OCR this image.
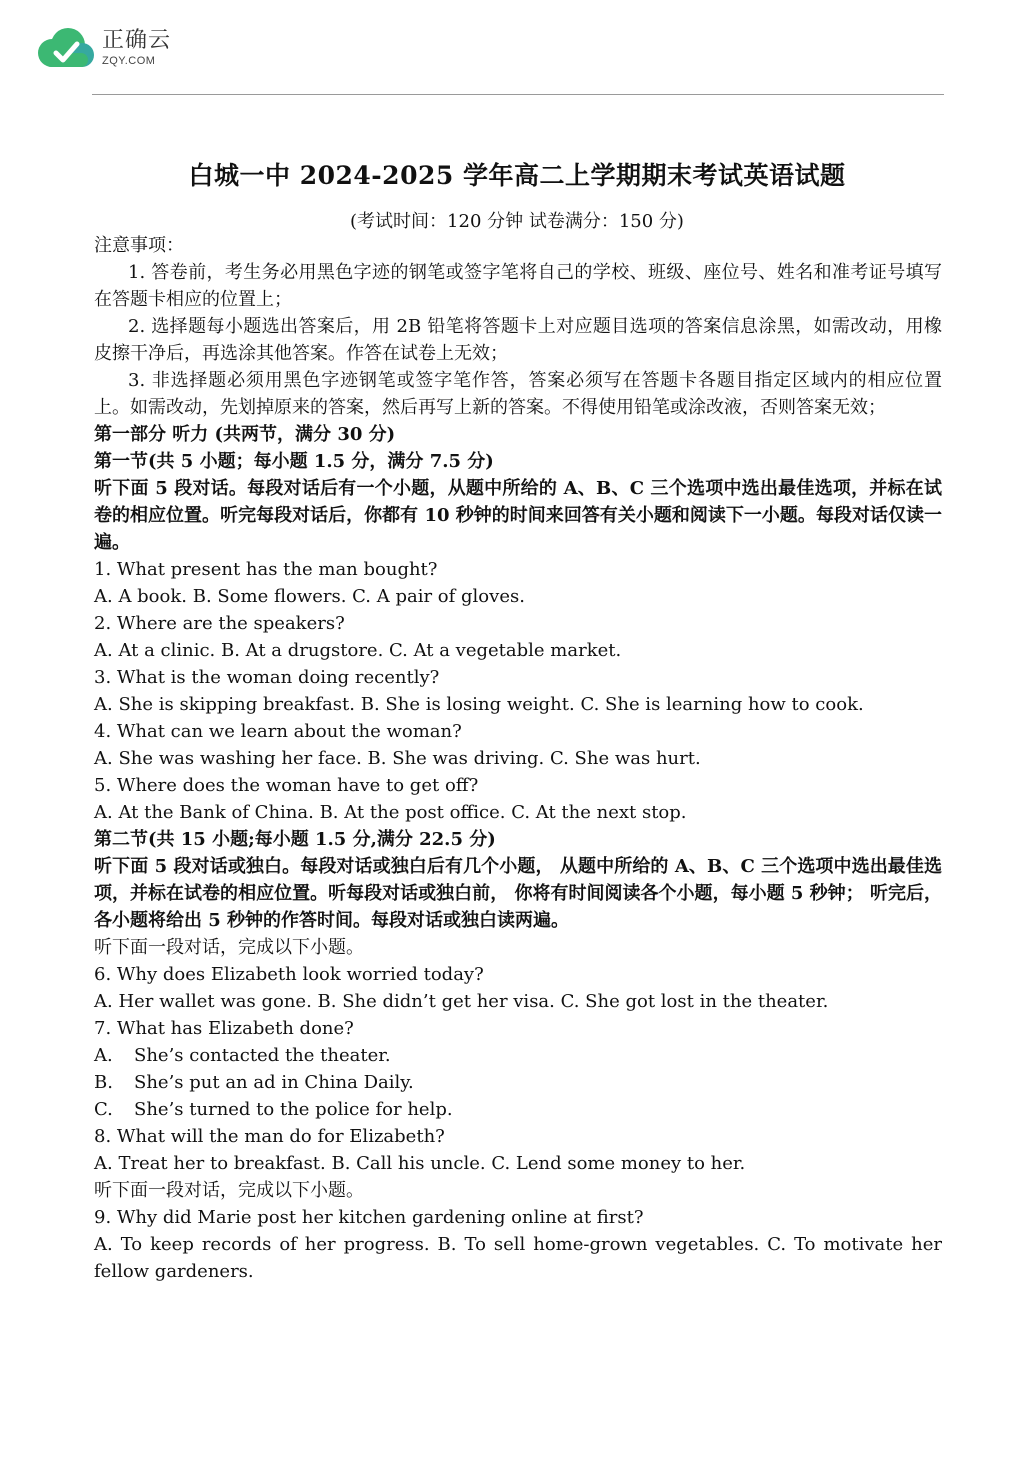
正确云
ZQY.COM
白城一中 2024-2025 学年高二上学期期末考试英语试题
(考试时间：120 分钟 试卷满分：150 分)
注意事项：
1. 答卷前，考生务必用黑色字迹的钢笔或签字笔将自己的学校、班级、座位号、姓名和准考证号填写在答题卡相应的位置上；
2. 选择题每小题选出答案后，用 2B 铅笔将答题卡上对应题目选项的答案信息涂黑，如需改动，用橡皮擦干净后，再选涂其他答案。作答在试卷上无效；
3. 非选择题必须用黑色字迹钢笔或签字笔作答，答案必须写在答题卡各题目指定区域内的相应位置上。如需改动，先划掉原来的答案，然后再写上新的答案。不得使用铅笔或涂改液，否则答案无效；
第一部分 听力 (共两节，满分 30 分)
第一节(共 5 小题；每小题 1.5 分，满分 7.5 分)
听下面 5 段对话。每段对话后有一个小题，从题中所给的 A、B、C 三个选项中选出最佳选项，并标在试卷的相应位置。听完每段对话后，你都有 10 秒钟的时间来回答有关小题和阅读下一小题。每段对话仅读一遍。
1. What present has the man bought?
A. A book. B. Some flowers. C. A pair of gloves.
2. Where are the speakers?
A. At a clinic. B. At a drugstore. C. At a vegetable market.
3. What is the woman doing recently?
A. She is skipping breakfast. B. She is losing weight. C. She is learning how to cook.
4. What can we learn about the woman?
A. She was washing her face. B. She was driving. C. She was hurt.
5. Where does the woman have to get off?
A. At the Bank of China. B. At the post office. C. At the next stop.
第二节(共 15 小题;每小题 1.5 分,满分 22.5 分)
听下面 5 段对话或独白。每段对话或独白后有几个小题， 从题中所给的 A、B、C 三个选项中选出最佳选项，并标在试卷的相应位置。听每段对话或独白前， 你将有时间阅读各个小题，每小题 5 秒钟； 听完后，各小题将给出 5 秒钟的作答时间。每段对话或独白读两遍。
听下面一段对话，完成以下小题。
6. Why does Elizabeth look worried today?
A. Her wallet was gone. B. She didn’t get her visa. C. She got lost in the theater.
7. What has Elizabeth done?
A. She’s contacted the theater.
B. She’s put an ad in China Daily.
C. She’s turned to the police for help.
8. What will the man do for Elizabeth?
A. Treat her to breakfast. B. Call his uncle. C. Lend some money to her.
听下面一段对话，完成以下小题。
9. Why did Marie post her kitchen gardening online at first?
A. To keep records of her progress. B. To sell home-grown vegetables. C. To motivate her fellow gardeners.
